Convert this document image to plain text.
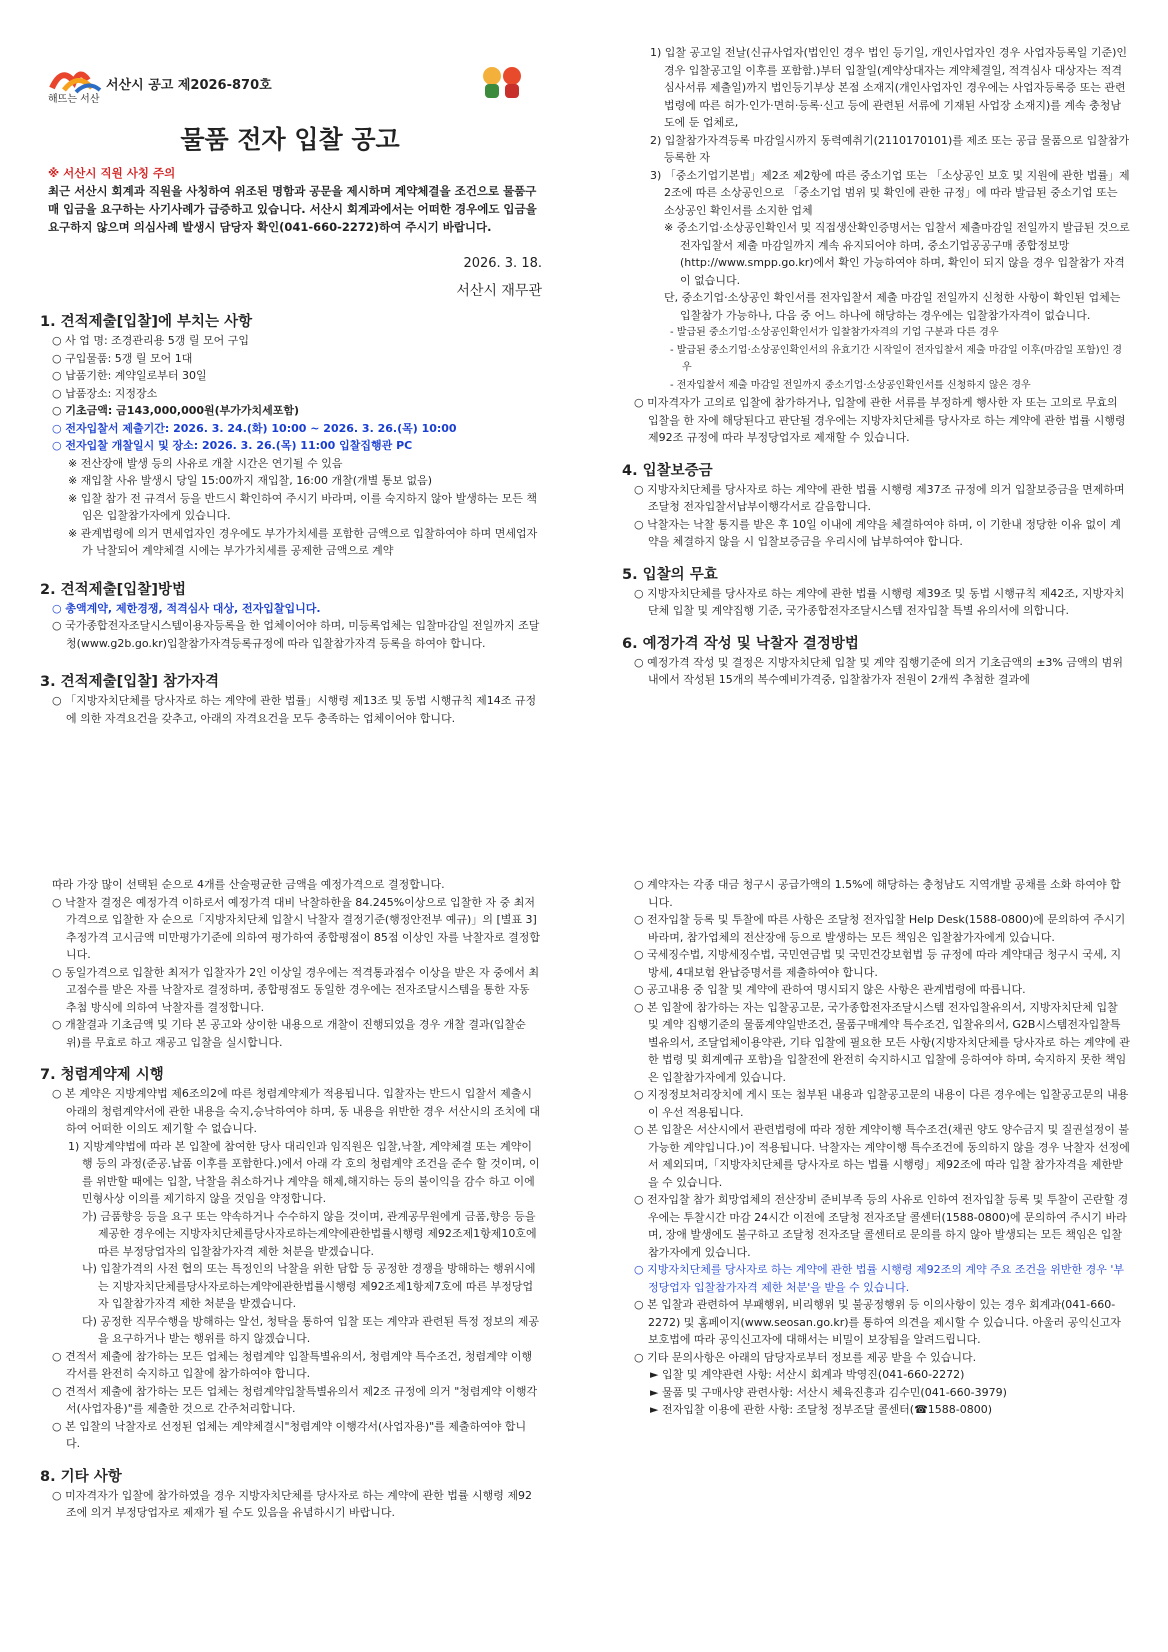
해뜨는 서산
서산시 공고 제2026-870호
물품 전자 입찰 공고
※ 서산시 직원 사칭 주의
최근 서산시 회계과 직원을 사칭하여 위조된 명함과 공문을 제시하며 계약체결을 조건으로 물품구매 입금을 요구하는 사기사례가 급증하고 있습니다. 서산시 회계과에서는 어떠한 경우에도 입금을 요구하지 않으며 의심사례 발생시 담당자 확인(041-660-2272)하여 주시기 바랍니다.
2026. 3. 18.
서산시 재무관

1. 견적제출[입찰]에 부치는 사항

○ 사 업 명: 조경관리용 5갱 릴 모어 구입

○ 구입물품: 5갱 릴 모어 1대

○ 납품기한: 계약일로부터 30일

○ 납품장소: 지정장소

○ 기초금액: 금143,000,000원(부가가치세포함)

○ 전자입찰서 제출기간: 2026. 3. 24.(화) 10:00 ~ 2026. 3. 26.(목) 10:00

○ 전자입찰 개찰일시 및 장소: 2026. 3. 26.(목) 11:00 입찰집행관 PC

※ 전산장애 발생 등의 사유로 개찰 시간은 연기될 수 있음

※ 재입찰 사유 발생시 당일 15:00까지 재입찰, 16:00 개찰(개별 통보 없음)

※ 입찰 참가 전 규격서 등을 반드시 확인하여 주시기 바라며, 이를 숙지하지 않아 발생하는 모든 책임은 입찰참가자에게 있습니다.

※ 관계법령에 의거 면세업자인 경우에도 부가가치세를 포함한 금액으로 입찰하여야 하며 면세업자가 낙찰되어 계약체결 시에는 부가가치세를 공제한 금액으로 계약

2. 견적제출[입찰]방법

○ 총액계약, 제한경쟁, 적격심사 대상, 전자입찰입니다.

○ 국가종합전자조달시스템이용자등록을 한 업체이어야 하며, 미등록업체는 입찰마감일 전일까지 조달청(www.g2b.go.kr)입찰참가자격등록규정에 따라 입찰참가자격 등록을 하여야 합니다.

3. 견적제출[입찰] 참가자격

○ 「지방자치단체를 당사자로 하는 계약에 관한 법률」시행령 제13조 및 동법 시행규칙 제14조 규정에 의한 자격요건을 갖추고, 아래의 자격요건을 모두 충족하는 업체이어야 합니다.

1) 입찰 공고일 전날(신규사업자(법인인 경우 법인 등기일, 개인사업자인 경우 사업자등록일 기준)인 경우 입찰공고일 이후를 포함함.)부터 입찰일(계약상대자는 계약체결일, 적격심사 대상자는 적격심사서류 제출일)까지 법인등기부상 본점 소재지(개인사업자인 경우에는 사업자등록증 또는 관련법령에 따른 허가·인가·면허·등록·신고 등에 관련된 서류에 기재된 사업장 소재지)를 계속 충청남도에 둔 업체로,

2) 입찰참가자격등록 마감일시까지 동력예취기(2110170101)를 제조 또는 공급 물품으로 입찰참가 등록한 자

3) 「중소기업기본법」제2조 제2항에 따른 중소기업 또는 「소상공인 보호 및 지원에 관한 법률」제2조에 따른 소상공인으로 「중소기업 범위 및 확인에 관한 규정」에 따라 발급된 중소기업 또는 소상공인 확인서를 소지한 업체

※ 중소기업·소상공인확인서 및 직접생산확인증명서는 입찰서 제출마감일 전일까지 발급된 것으로 전자입찰서 제출 마감일까지 계속 유지되어야 하며, 중소기업공공구매 종합정보망(http://www.smpp.go.kr)에서 확인 가능하여야 하며, 확인이 되지 않을 경우 입찰참가 자격이 없습니다.

단, 중소기업·소상공인 확인서를 전자입찰서 제출 마감일 전일까지 신청한 사항이 확인된 업체는 입찰참가 가능하나, 다음 중 어느 하나에 해당하는 경우에는 입찰참가자격이 없습니다.

- 발급된 중소기업·소상공인확인서가 입찰참가자격의 기업 구분과 다른 경우

- 발급된 중소기업·소상공인확인서의 유효기간 시작일이 전자입찰서 제출 마감일 이후(마감일 포함)인 경우

- 전자입찰서 제출 마감일 전일까지 중소기업·소상공인확인서를 신청하지 않은 경우

○ 미자격자가 고의로 입찰에 참가하거나, 입찰에 관한 서류를 부정하게 행사한 자 또는 고의로 무효의 입찰을 한 자에 해당된다고 판단될 경우에는 지방자치단체를 당사자로 하는 계약에 관한 법률 시행령 제92조 규정에 따라 부정당업자로 제재할 수 있습니다.

4. 입찰보증금

○ 지방자치단체를 당사자로 하는 계약에 관한 법률 시행령 제37조 규정에 의거 입찰보증금을 면제하며 조달청 전자입찰서납부이행각서로 갈음합니다.

○ 낙찰자는 낙찰 통지를 받은 후 10일 이내에 계약을 체결하여야 하며, 이 기한내 정당한 이유 없이 계약을 체결하지 않을 시 입찰보증금을 우리시에 납부하여야 합니다.

5. 입찰의 무효

○ 지방자치단체를 당사자로 하는 계약에 관한 법률 시행령 제39조 및 동법 시행규칙 제42조, 지방자치단체 입찰 및 계약집행 기준, 국가종합전자조달시스템 전자입찰 특별 유의서에 의합니다.

6. 예정가격 작성 및 낙찰자 결정방법

○ 예정가격 작성 및 결정은 지방자치단체 입찰 및 계약 집행기준에 의거 기초금액의 ±3% 금액의 범위내에서 작성된 15개의 복수예비가격중, 입찰참가자 전원이 2개씩 추첨한 결과에

따라 가장 많이 선택된 순으로 4개를 산술평균한 금액을 예정가격으로 결정합니다.

○ 낙찰자 결정은 예정가격 이하로서 예정가격 대비 낙찰하한율 84.245%이상으로 입찰한 자 중 최저가격으로 입찰한 자 순으로「지방자치단체 입찰시 낙찰자 결정기준(행정안전부 예규)」의 [별표 3] 추정가격 고시금액 미만평가기준에 의하여 평가하여 종합평점이 85점 이상인 자를 낙찰자로 결정합니다.

○ 동일가격으로 입찰한 최저가 입찰자가 2인 이상일 경우에는 적격통과점수 이상을 받은 자 중에서 최고점수를 받은 자를 낙찰자로 결정하며, 종합평점도 동일한 경우에는 전자조달시스템을 통한 자동 추첨 방식에 의하여 낙찰자를 결정합니다.

○ 개찰결과 기초금액 및 기타 본 공고와 상이한 내용으로 개찰이 진행되었을 경우 개찰 결과(입찰순위)를 무효로 하고 재공고 입찰을 실시합니다.

7. 청렴계약제 시행

○ 본 계약은 지방계약법 제6조의2에 따른 청렴계약제가 적용됩니다. 입찰자는 반드시 입찰서 제출시 아래의 청렴계약서에 관한 내용을 숙지,승낙하여야 하며, 동 내용을 위반한 경우 서산시의 조치에 대하여 어떠한 이의도 제기할 수 없습니다.

1) 지방계약법에 따라 본 입찰에 참여한 당사 대리인과 임직원은 입찰,낙찰, 계약체결 또는 계약이행 등의 과정(준공.납품 이후를 포함한다.)에서 아래 각 호의 청렴계약 조건을 준수 할 것이며, 이를 위반할 때에는 입찰, 낙찰을 취소하거나 계약을 해제,해지하는 등의 불이익을 감수 하고 이에 민형사상 이의를 제기하지 않을 것임을 약정합니다.

가) 금품향응 등을 요구 또는 약속하거나 수수하지 않을 것이며, 관계공무원에게 금품,향응 등을 제공한 경우에는 지방자치단체를당사자로하는계약에관한법률시행령 제92조제1항제10호에 따른 부정당업자의 입찰참가자격 제한 처분을 받겠습니다.

나) 입찰가격의 사전 협의 또는 특정인의 낙찰을 위한 담합 등 공정한 경쟁을 방해하는 행위시에는 지방자치단체를당사자로하는계약에관한법률시행령 제92조제1항제7호에 따른 부정당업자 입찰참가자격 제한 처분을 받겠습니다.

다) 공정한 직무수행을 방해하는 알선, 청탁을 통하여 입찰 또는 계약과 관련된 특정 정보의 제공을 요구하거나 받는 행위를 하지 않겠습니다.

○ 견적서 제출에 참가하는 모든 업체는 청렴계약 입찰특별유의서, 청렴계약 특수조건, 청렴계약 이행각서를 완전히 숙지하고 입찰에 참가하여야 합니다.

○ 견적서 제출에 참가하는 모든 업체는 청렴계약입찰특별유의서 제2조 규정에 의거 "청렴계약 이행각서(사업자용)"를 제출한 것으로 간주처리합니다.

○ 본 입찰의 낙찰자로 선정된 업체는 계약체결시"청렴계약 이행각서(사업자용)"를 제출하여야 합니다.

8. 기타 사항

○ 미자격자가 입찰에 참가하였을 경우 지방자치단체를 당사자로 하는 계약에 관한 법률 시행령 제92조에 의거 부정당업자로 제재가 될 수도 있음을 유념하시기 바랍니다.

○ 계약자는 각종 대금 청구시 공급가액의 1.5%에 해당하는 충청남도 지역개발 공채를 소화 하여야 합니다.

○ 전자입찰 등록 및 투찰에 따른 사항은 조달청 전자입찰 Help Desk(1588-0800)에 문의하여 주시기 바라며, 참가업체의 전산장애 등으로 발생하는 모든 책임은 입찰참가자에게 있습니다.

○ 국세징수법, 지방세징수법, 국민연금법 및 국민건강보험법 등 규정에 따라 계약대금 청구시 국세, 지방세, 4대보험 완납증명서를 제출하여야 합니다.

○ 공고내용 중 입찰 및 계약에 관하여 명시되지 않은 사항은 관계법령에 따릅니다.

○ 본 입찰에 참가하는 자는 입찰공고문, 국가종합전자조달시스템 전자입찰유의서, 지방자치단체 입찰 및 계약 집행기준의 물품계약일반조건, 물품구매계약 특수조건, 입찰유의서, G2B시스템전자입찰특별유의서, 조달업체이용약관, 기타 입찰에 필요한 모든 사항(지방자치단체를 당사자로 하는 계약에 관한 법령 및 회계예규 포함)을 입찰전에 완전히 숙지하시고 입찰에 응하여야 하며, 숙지하지 못한 책임은 입찰참가자에게 있습니다.

○ 지정정보처리장치에 게시 또는 첨부된 내용과 입찰공고문의 내용이 다른 경우에는 입찰공고문의 내용이 우선 적용됩니다.

○ 본 입찰은 서산시에서 관련법령에 따라 정한 계약이행 특수조건(채권 양도 양수금지 및 질권설정이 불가능한 계약입니다.)이 적용됩니다. 낙찰자는 계약이행 특수조건에 동의하지 않을 경우 낙찰자 선정에서 제외되며,「지방자치단체를 당사자로 하는 법률 시행령」제92조에 따라 입찰 참가자격을 제한받을 수 있습니다.

○ 전자입찰 참가 희망업체의 전산장비 준비부족 등의 사유로 인하여 전자입찰 등록 및 투찰이 곤란할 경우에는 투찰시간 마감 24시간 이전에 조달청 전자조달 콜센터(1588-0800)에 문의하여 주시기 바라며, 장애 발생에도 불구하고 조달청 전자조달 콜센터로 문의를 하지 않아 발생되는 모든 책임은 입찰참가자에게 있습니다.

○ 지방자치단체를 당사자로 하는 계약에 관한 법률 시행령 제92조의 계약 주요 조건을 위반한 경우 '부정당업자 입찰참가자격 제한 처분'을 받을 수 있습니다.

○ 본 입찰과 관련하여 부패행위, 비리행위 및 불공정행위 등 이의사항이 있는 경우 회계과(041-660-2272) 및 홈페이지(www.seosan.go.kr)를 통하여 의견을 제시할 수 있습니다. 아울러 공익신고자보호법에 따라 공익신고자에 대해서는 비밀이 보장됨을 알려드립니다.

○ 기타 문의사항은 아래의 담당자로부터 정보를 제공 받을 수 있습니다.

► 입찰 및 계약관련 사항: 서산시 회계과 박영진(041-660-2272)

► 물품 및 구매사양 관련사항: 서산시 체육진흥과 김수민(041-660-3979)

► 전자입찰 이용에 관한 사항: 조달청 정부조달 콜센터(☎1588-0800)
